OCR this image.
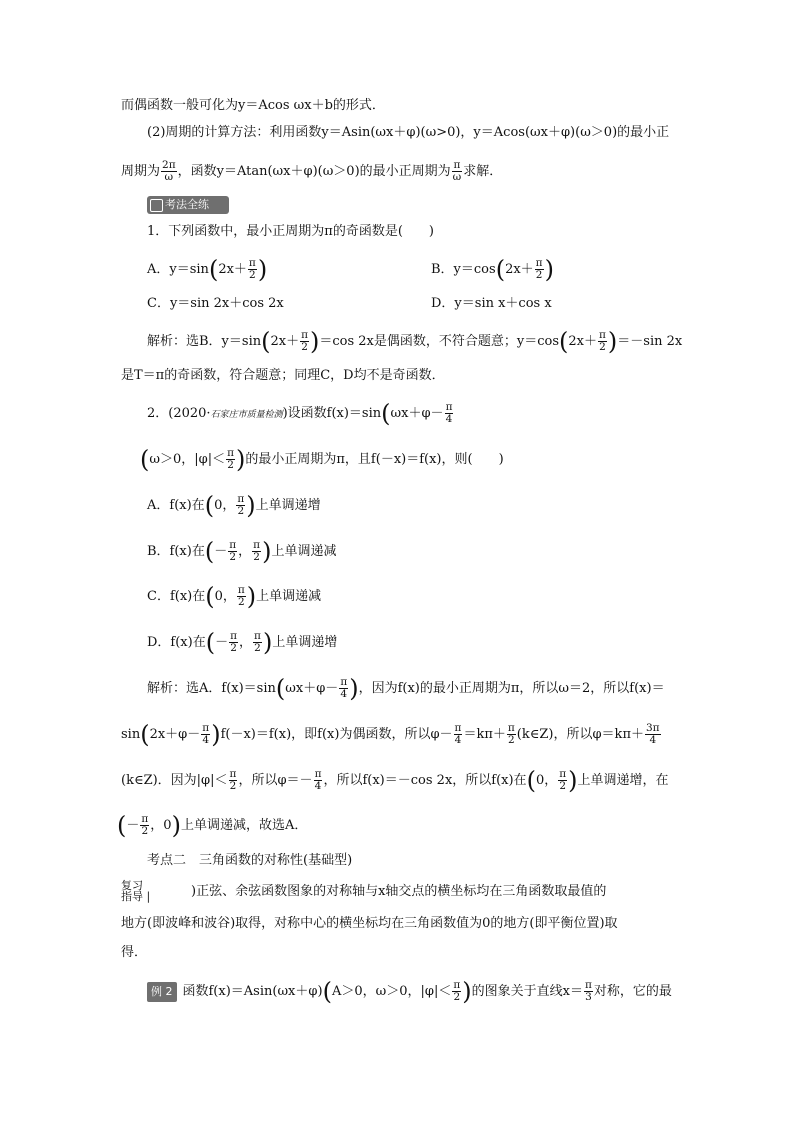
而偶函数一般可化为y＝Acos ωx＋b的形式．
(2)周期的计算方法：利用函数y＝Asin(ωx＋φ)(ω>0)，y＝Acos(ωx＋φ)(ω＞0)的最小正
周期为 $\frac{2\pi}{\omega}$ ，函数y＝Atan(ωx＋φ)(ω＞0)的最小正周期为 $\frac{\pi}{\omega}$ 求解．
考法全练
1．下列函数中，最小正周期为π的奇函数是(　　)
A．$y=\sin(2x+ \frac{\pi}{2}$ )	B．$y=\cos(2x+ \frac{\pi}{2}$ )
C．y＝sin 2x＋cos 2x	D．y＝sin x＋cos x
解析：选B．$y=\sin(2x+ \frac{\pi}{2} )=\cos$ 2x是偶函数，不符合题意；$y=\cos(2x+ \frac{\pi}{2} )=-\sin$ 2x
是T＝π的奇函数，符合题意；同理C，D均不是奇函数．
2．(2020·石家庄市质量检测)设函数$f(x)=\sin(\omega x+\varphi- \frac{\pi}{4}$
(ω＞0，$|\varphi|< \frac{\pi}{2}$ )的最小正周期为π，且f(－x)＝f(x)，则(　　)
A．f(x)在(0， $\frac{\pi}{2}$ )上单调递增
B．f(x)在(－ $\frac{\pi}{2}$ ， $\frac{\pi}{2}$ )上单调递减
C．f(x)在(0， $\frac{\pi}{2}$ )上单调递减
D．f(x)在(－ $\frac{\pi}{2}$ ， $\frac{\pi}{2}$ )上单调递增
解析：选A．$f(x)=\sin(\omega x+\varphi- \frac{\pi}{4}$ )，因为f(x)的最小正周期为π，所以ω＝2，所以f(x)＝
$\sin(2x+\varphi- \frac{\pi}{4} )f(-x)=f(x)$，即f(x)为偶函数，所以$\varphi- \frac{\pi}{4} =k\pi+ \frac{\pi}{2}$ (k∈Z)，所以$\varphi=k\pi+ \frac{3\pi}{4}$
(k∈Z)．因为$|\varphi|< \frac{\pi}{2}$ ，所以$\varphi=- \frac{\pi}{4}$ ，所以f(x)＝－cos 2x，所以f(x)在(0， $\frac{\pi}{2}$ )上单调递增，在
(－ $\frac{\pi}{2}$ ，0)上单调递减，故选A．
考点二　三角函数的对称性(基础型)
复习
指导 |	)正弦、余弦函数图象的对称轴与x轴交点的横坐标均在三角函数取最值的
地方(即波峰和波谷)取得，对称中心的横坐标均在三角函数值为0的地方(即平衡位置)取
得．
例 2 函数f(x)＝Asin(ωx＋φ)(A＞0，ω＞0，$|\varphi|< \frac{\pi}{2}$ )的图象关于直线$x= \frac{\pi}{3}$ 对称，它的最
